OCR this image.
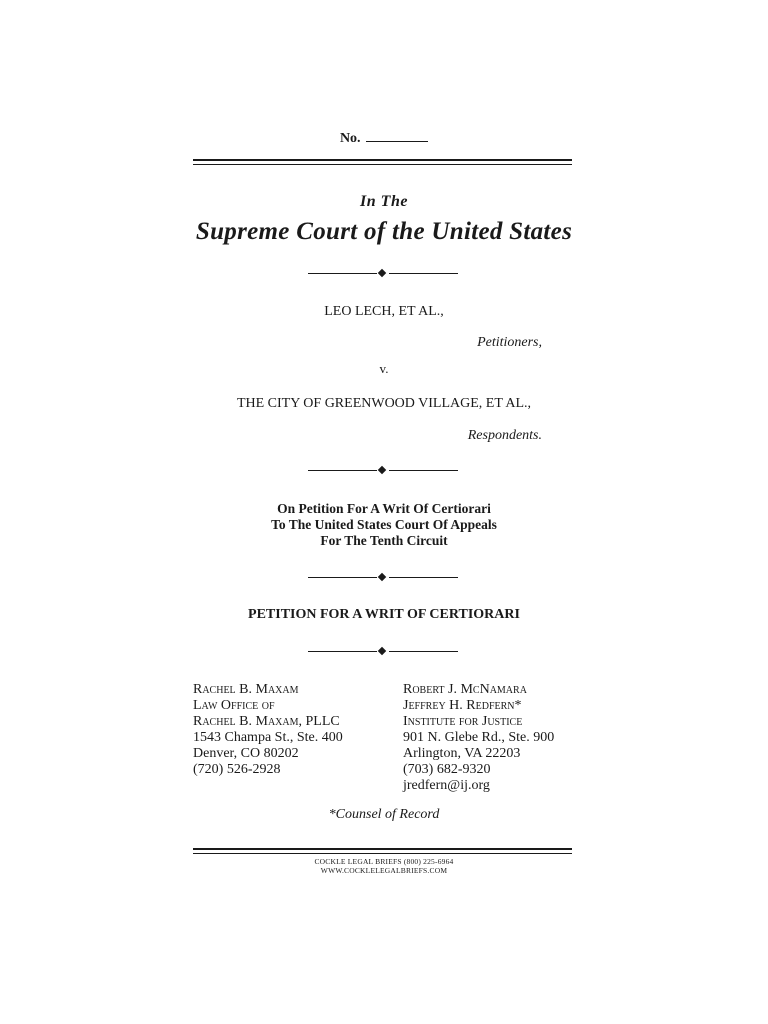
No.
In The
Supreme Court of the United States
LEO LECH, ET AL.,
Petitioners,
v.
THE CITY OF GREENWOOD VILLAGE, ET AL.,
Respondents.
On Petition For A Writ Of Certiorari
To The United States Court Of Appeals
For The Tenth Circuit
PETITION FOR A WRIT OF CERTIORARI
Rachel B. Maxam
Law Office of
Rachel B. Maxam, PLLC
1543 Champa St., Ste. 400
Denver, CO 80202
(720) 526-2928
Robert J. McNamara
Jeffrey H. Redfern*
Institute for Justice
901 N. Glebe Rd., Ste. 900
Arlington, VA 22203
(703) 682-9320
jredfern@ij.org
*Counsel of Record
COCKLE LEGAL BRIEFS (800) 225-6964
WWW.COCKLELEGALBRIEFS.COM
